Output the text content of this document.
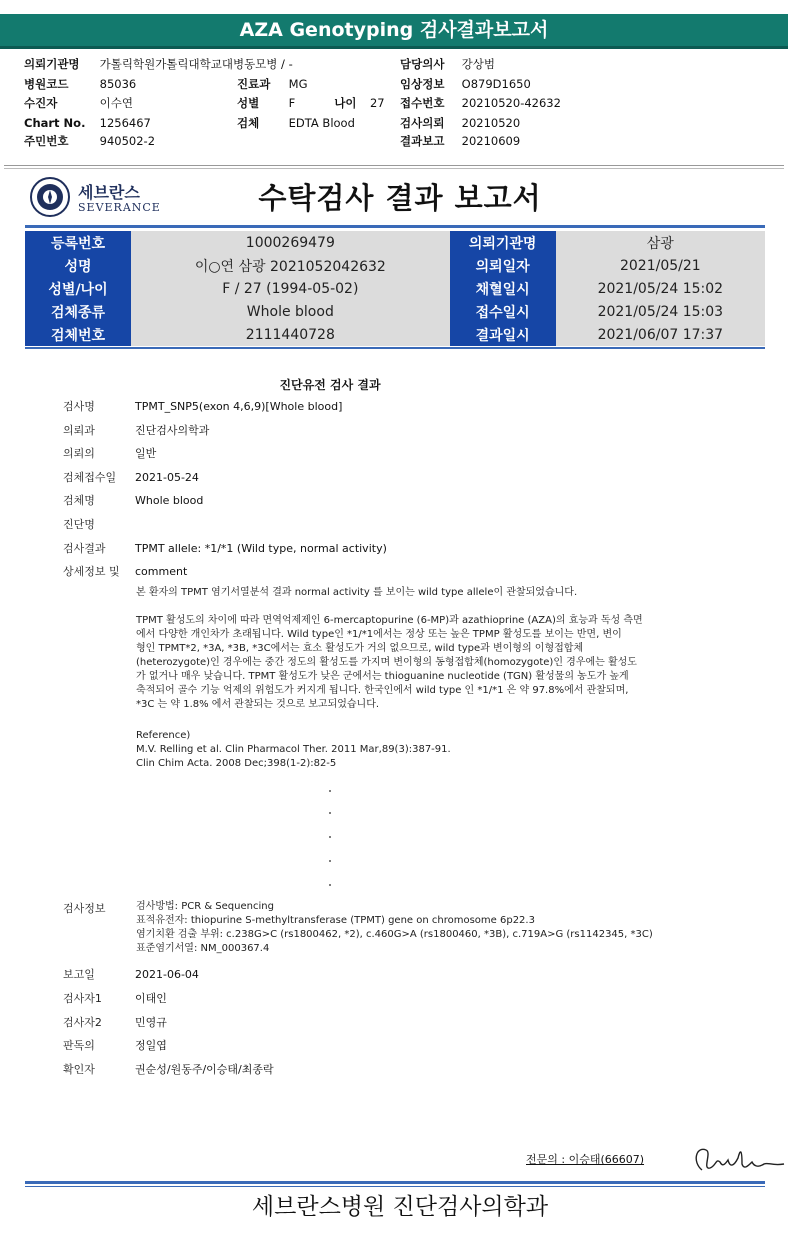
AZA Genotyping 검사결과보고서
의뢰기관명 가톨릭학원가톨릭대학교대병동모병 / -
병원코드	85036
수진자	이수연
Chart No. 1256467
주민번호	940502-2
진료과 MG
성별	F	나이 27
검체	EDTA Blood
담당의사 강상범
임상정보 O879D1650
접수번호 20210520-42632
검사의뢰 20210520
결과보고 20210609
세브란스
SEVERANCE	수탁검사 결과 보고서
등록번호	1000269479	의뢰기관명	삼광
성명	이○연 삼광 2021052042632	의뢰일자	2021/05/21
성별/나이	F / 27 (1994-05-02)	채혈일시	2021/05/24 15:02
검체종류	Whole blood	접수일시	2021/05/24 15:03
검체번호	2111440728	결과일시	2021/06/07 17:37
진단유전 검사 결과
검사명	TPMT_SNP5(exon 4,6,9)[Whole blood]
의뢰과	진단검사의학과
의뢰의	일반
검체접수일 2021-05-24
검체명	Whole blood
진단명
검사결과	TPMT allele: *1/*1 (Wild type, normal activity)
상세정보 및 comment
본 환자의 TPMT 염기서열분석 결과 normal activity 를 보이는 wild type allele이 관찰되었습니다.
TPMT 활성도의 차이에 따라 면역억제제인 6-mercaptopurine (6-MP)과 azathioprine (AZA)의 효능과 독성 측면
에서 다양한 개인차가 초래됩니다. Wild type인 *1/*1에서는 정상 또는 높은 TPMP 활성도를 보이는 반면, 변이
형인 TPMT*2, *3A, *3B, *3C에서는 효소 활성도가 거의 없으므로, wild type과 변이형의 이형접합체
(heterozygote)인 경우에는 중간 정도의 활성도를 가지며 변이형의 동형접합체(homozygote)인 경우에는 활성도
가 없거나 매우 낮습니다. TPMT 활성도가 낮은 군에서는 thioguanine nucleotide (TGN) 활성물의 농도가 높게
축적되어 골수 기능 억제의 위험도가 커지게 됩니다. 한국인에서 wild type 인 *1/*1 은 약 97.8%에서 관찰되며,
*3C 는 약 1.8% 에서 관찰되는 것으로 보고되었습니다.
Reference)
M.V. Relling et al. Clin Pharmacol Ther. 2011 Mar,89(3):387-91.
Clin Chim Acta. 2008 Dec;398(1-2):82-5
검사정보	검사방법: PCR & Sequencing
표적유전자: thiopurine S-methyltransferase (TPMT) gene on chromosome 6p22.3
염기치환 검출 부위: c.238G>C (rs1800462, *2), c.460G>A (rs1800460, *3B), c.719A>G (rs1142345, *3C)
표준염기서열: NM_000367.4
보고일	2021-06-04
검사자1	이태인
검사자2	민영규
판독의	정일엽
확인자	권순성/원동주/이승태/최종락
전문의 : 이승태(66607)
세브란스병원 진단검사의학과
